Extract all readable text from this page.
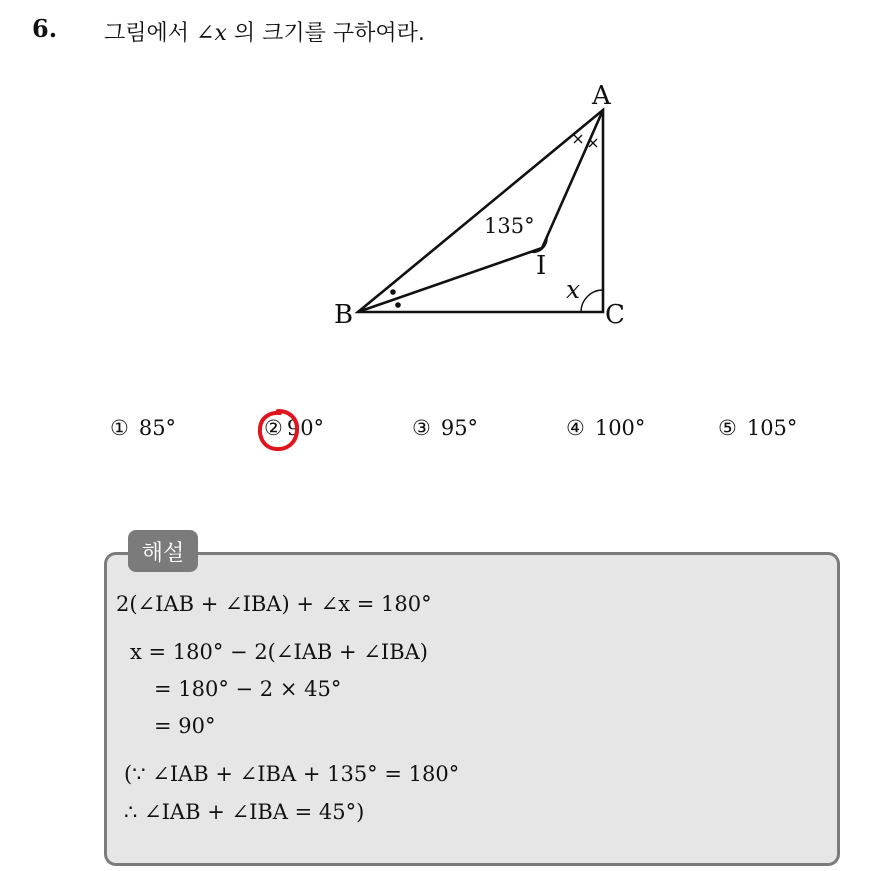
6. 그림에서 ∠x 의 크기를 구하여라.
A
B	C
I
x
135°
① 85°	② 90°	③ 95°	④ 100°	⑤ 105°
해설
2(∠IAB + ∠IBA) + ∠x = 180°
x = 180° − 2(∠IAB + ∠IBA)
= 180° − 2 × 45°
= 90°
(∵ ∠IAB + ∠IBA + 135° = 180°
∴ ∠IAB + ∠IBA = 45°)
